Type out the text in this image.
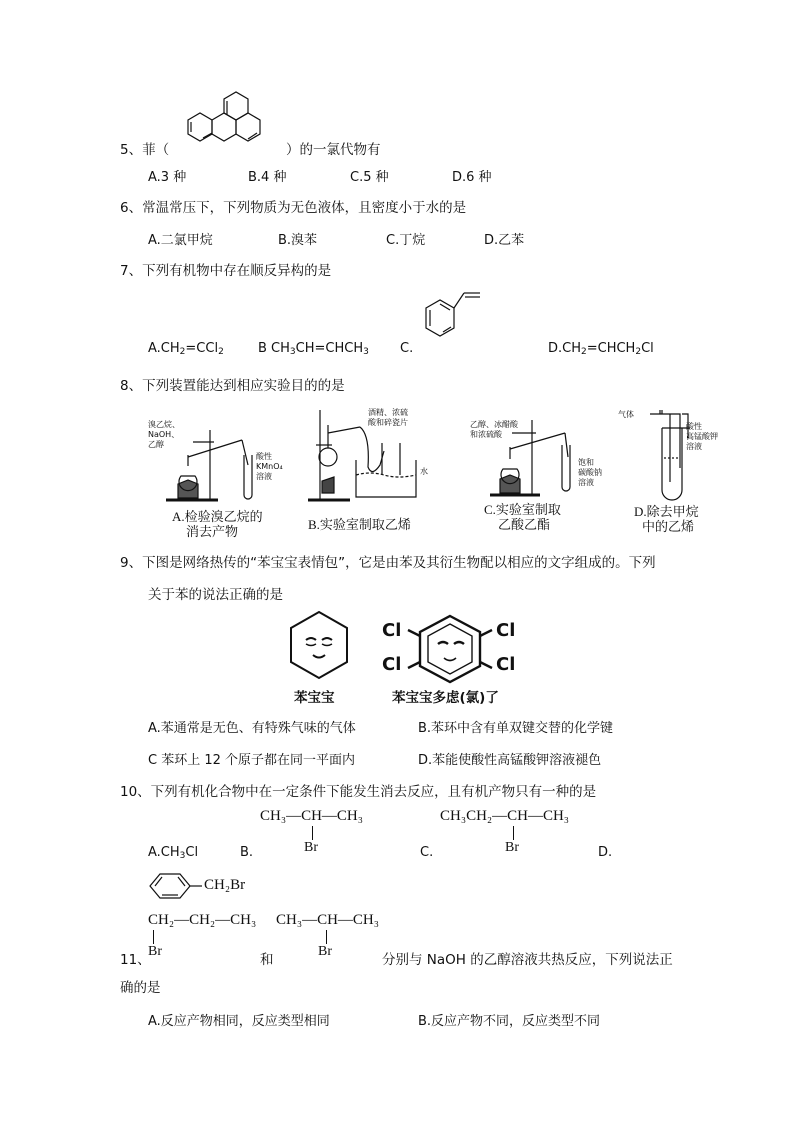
5、菲（	）的一氯代物有
A.3 种	B.4 种	C.5 种	D.6 种
6、常温常压下，下列物质为无色液体，且密度小于水的是
A.二氯甲烷	B.溴苯	C.丁烷	D.乙苯
7、下列有机物中存在顺反异构的是
$A.CH_2=CCl_2$	B $CH_3CH=CHCH_3$ C.	$D.CH_2=CHCH_2Cl$
8、下列装置能达到相应实验目的的是
溴乙烷、
NaOH、
乙醇
酸性
KMnO₄
溶液
A.检验溴乙烷的
消去产物
酒精、浓硫
酸和碎瓷片
水
B.实验室制取乙烯
乙醇、冰醋酸
和浓硫酸
饱和
碳酸钠
溶液
C.实验室制取
乙酸乙酯
气体
酸性
高锰酸钾
溶液
D.除去甲烷
中的乙烯
9、下图是网络热传的“苯宝宝表情包”，它是由苯及其衍生物配以相应的文字组成的。下列
关于苯的说法正确的是
苯宝宝
Cl
Cl
Cl
Cl
苯宝宝多虑(氯)了
A.苯通常是无色、有特殊气味的气体	B.苯环中含有单双键交替的化学键
C 苯环上 12 个原子都在同一平面内	D.苯能使酸性高锰酸钾溶液褪色
10、下列有机化合物中在一定条件下能发生消去反应，且有机产物只有一种的是
CH₃—CH—CH₃
Br
CH₃CH₂—CH—CH₃
Br
$A.CH_3Cl$	B.	C.	D.
CH₂Br
CH₂—CH₂—CH₃
Br
CH₃—CH—CH₃
Br
11、	和	分别与 NaOH 的乙醇溶液共热反应，下列说法正
确的是
A.反应产物相同，反应类型相同	B.反应产物不同，反应类型不同
